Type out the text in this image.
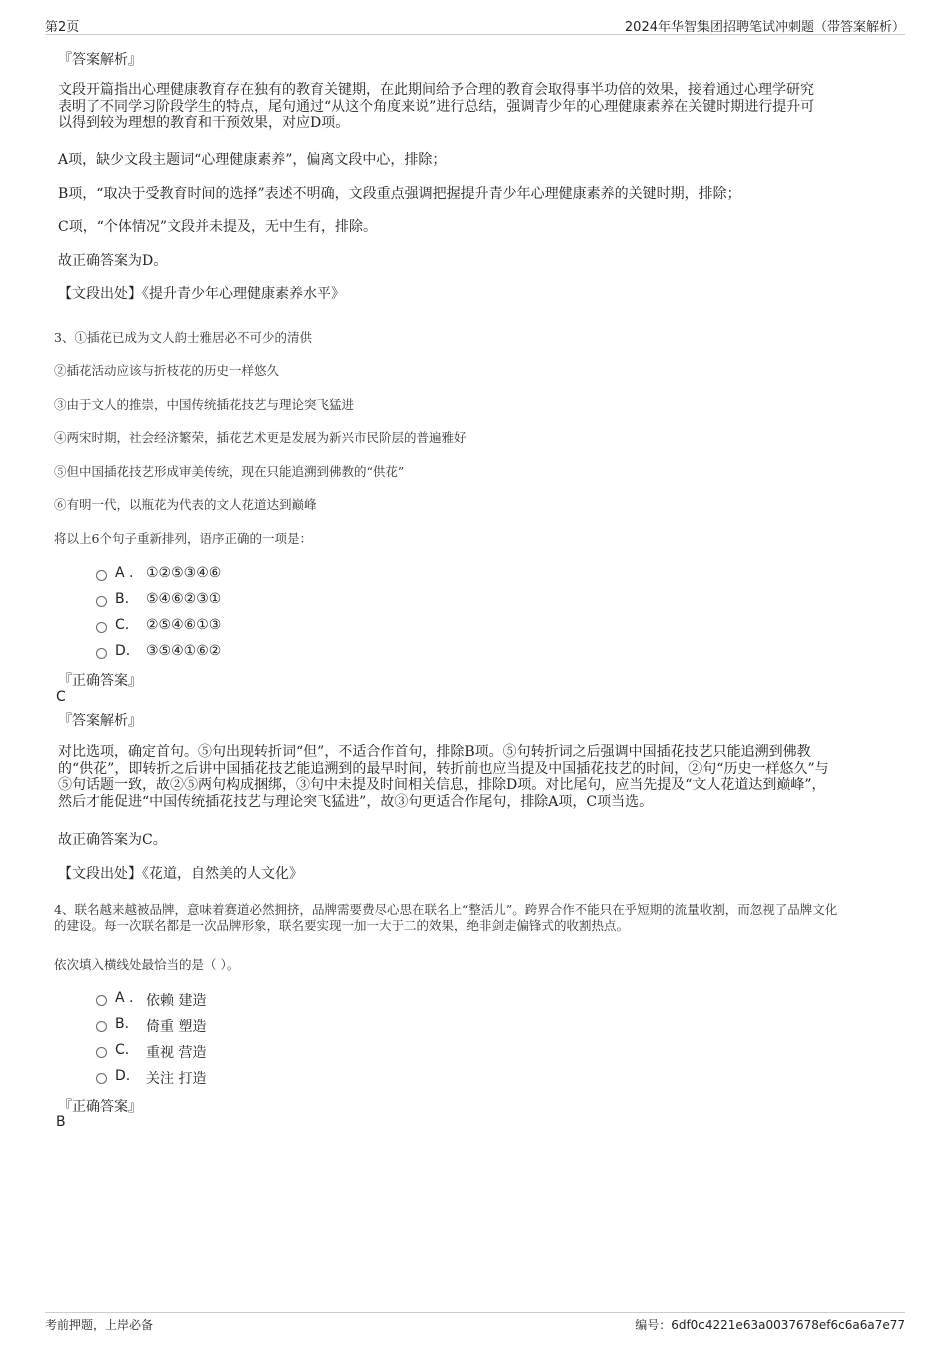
第2页	2024年华智集团招聘笔试冲刺题（带答案解析）
『答案解析』
文段开篇指出心理健康教育存在独有的教育关键期，在此期间给予合理的教育会取得事半功倍的效果，接着通过心理学研究
表明了不同学习阶段学生的特点，尾句通过“从这个角度来说”进行总结，强调青少年的心理健康素养在关键时期进行提升可
以得到较为理想的教育和干预效果，对应D项。
A项，缺少文段主题词“心理健康素养”，偏离文段中心，排除；
B项，“取决于受教育时间的选择”表述不明确，文段重点强调把握提升青少年心理健康素养的关键时期，排除；
C项，“个体情况”文段并未提及，无中生有，排除。
故正确答案为D。
【文段出处】《提升青少年心理健康素养水平》
3、①插花已成为文人韵士雅居必不可少的清供
②插花活动应该与折枝花的历史一样悠久
③由于文人的推崇，中国传统插花技艺与理论突飞猛进
④两宋时期，社会经济繁荣，插花艺术更是发展为新兴市民阶层的普遍雅好
⑤但中国插花技艺形成审美传统，现在只能追溯到佛教的“供花”
⑥有明一代，以瓶花为代表的文人花道达到巅峰
将以上6个句子重新排列，语序正确的一项是：
A . ①②⑤③④⑥
B. ⑤④⑥②③①
C. ②⑤④⑥①③
D. ③⑤④①⑥②
『正确答案』
C
『答案解析』
对比选项，确定首句。⑤句出现转折词“但”，不适合作首句，排除B项。⑤句转折词之后强调中国插花技艺只能追溯到佛教
的“供花”，即转折之后讲中国插花技艺能追溯到的最早时间，转折前也应当提及中国插花技艺的时间，②句“历史一样悠久”与
⑤句话题一致，故②⑤两句构成捆绑，③句中未提及时间相关信息，排除D项。对比尾句，应当先提及“文人花道达到巅峰”，
然后才能促进“中国传统插花技艺与理论突飞猛进”，故③句更适合作尾句，排除A项，C项当选。
故正确答案为C。
【文段出处】《花道，自然美的人文化》
4、联名越来越被品牌，意味着赛道必然拥挤，品牌需要费尽心思在联名上“整活儿”。跨界合作不能只在乎短期的流量收割，而忽视了品牌文化
的建设。每一次联名都是一次品牌形象，联名要实现一加一大于二的效果，绝非剑走偏锋式的收割热点。
依次填入横线处最恰当的是（ ）。
A . 依赖 建造
B. 倚重 塑造
C. 重视 营造
D. 关注 打造
『正确答案』
B
考前押题，上岸必备	编号：6df0c4221e63a0037678ef6c6a6a7e77
